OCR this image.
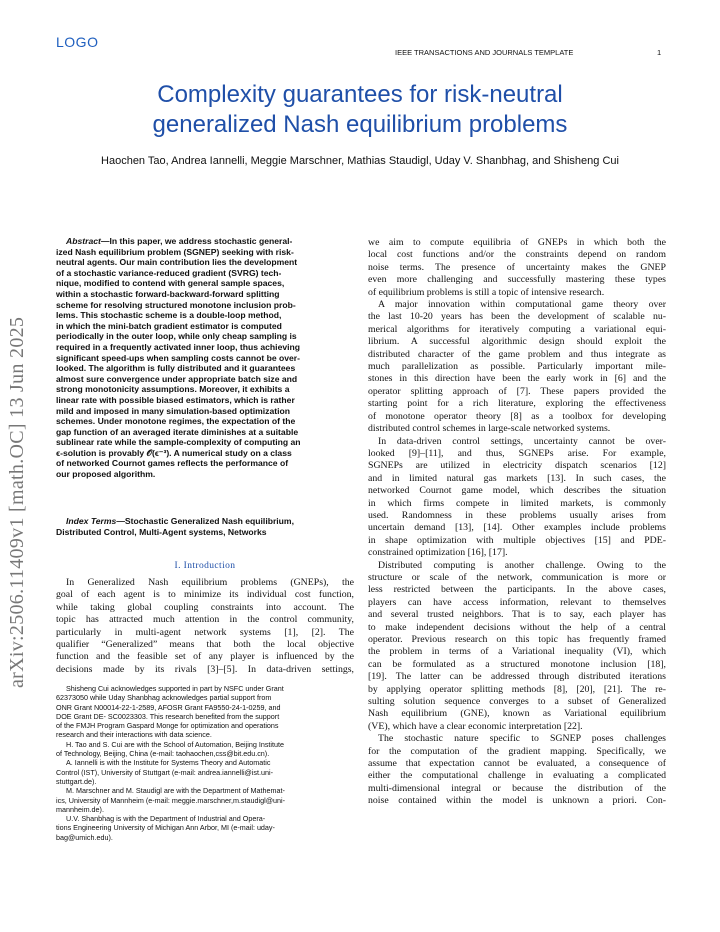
LOGO
IEEE TRANSACTIONS AND JOURNALS TEMPLATE	1
Complexity guarantees for risk-neutral
generalized Nash equilibrium problems
Haochen Tao, Andrea Iannelli, Meggie Marschner, Mathias Staudigl, Uday V. Shanbhag, and Shisheng Cui
arXiv:2506.11409v1 [math.OC] 13 Jun 2025
Abstract—In this paper, we address stochastic general-
ized Nash equilibrium problem (SGNEP) seeking with risk-
neutral agents. Our main contribution lies the development
of a stochastic variance-reduced gradient (SVRG) tech-
nique, modified to contend with general sample spaces,
within a stochastic forward-backward-forward splitting
scheme for resolving structured monotone inclusion prob-
lems. This stochastic scheme is a double-loop method,
in which the mini-batch gradient estimator is computed
periodically in the outer loop, while only cheap sampling is
required in a frequently activated inner loop, thus achieving
significant speed-ups when sampling costs cannot be over-
looked. The algorithm is fully distributed and it guarantees
almost sure convergence under appropriate batch size and
strong monotonicity assumptions. Moreover, it exhibits a
linear rate with possible biased estimators, which is rather
mild and imposed in many simulation-based optimization
schemes. Under monotone regimes, the expectation of the
gap function of an averaged iterate diminishes at a suitable
sublinear rate while the sample-complexity of computing an
ϵ-solution is provably 𝒪(ϵ⁻³). A numerical study on a class
of networked Cournot games reflects the performance of
our proposed algorithm.
Index Terms—Stochastic Generalized Nash equilibrium,
Distributed Control, Multi-Agent systems, Networks
I. Introduction
In Generalized Nash equilibrium problems (GNEPs), the
goal of each agent is to minimize its individual cost function,
while taking global coupling constraints into account. The
topic has attracted much attention in the control community,
particularly in multi-agent network systems [1], [2]. The
qualifier “Generalized” means that both the local objective
function and the feasible set of any player is influenced by the
decisions made by its rivals [3]–[5]. In data-driven settings,
Shisheng Cui acknowledges supported in part by NSFC under Grant
62373050 while Uday Shanbhag acknowledges partial support from
ONR Grant N00014-22-1-2589, AFOSR Grant FA9550-24-1-0259, and
DOE Grant DE- SC0023303. This research benefited from the support
of the FMJH Program Gaspard Monge for optimization and operations
research and their interactions with data science.
H. Tao and S. Cui are with the School of Automation, Beijing Institute
of Technology, Beijing, China (e-mail: taohaochen,css@bit.edu.cn).
A. Iannelli is with the Institute for Systems Theory and Automatic
Control (IST), University of Stuttgart (e-mail: andrea.iannelli@ist.uni-
stuttgart.de).
M. Marschner and M. Staudigl are with the Department of Mathemat-
ics, University of Mannheim (e-mail: meggie.marschner,m.staudigl@uni-
mannheim.de).
U.V. Shanbhag is with the Department of Industrial and Opera-
tions Engineering University of Michigan Ann Arbor, MI (e-mail: uday-
bag@umich.edu).
we aim to compute equilibria of GNEPs in which both the
local cost functions and/or the constraints depend on random
noise terms. The presence of uncertainty makes the GNEP
even more challenging and successfully mastering these types
of equilibrium problems is still a topic of intensive research.
A major innovation within computational game theory over
the last 10-20 years has been the development of scalable nu-
merical algorithms for iteratively computing a variational equi-
librium. A successful algorithmic design should exploit the
distributed character of the game problem and thus integrate as
much parallelization as possible. Particularly important mile-
stones in this direction have been the early work in [6] and the
operator splitting approach of [7]. These papers provided the
starting point for a rich literature, exploring the effectiveness
of monotone operator theory [8] as a toolbox for developing
distributed control schemes in large-scale networked systems.
In data-driven control settings, uncertainty cannot be over-
looked [9]–[11], and thus, SGNEPs arise. For example,
SGNEPs are utilized in electricity dispatch scenarios [12]
and in limited natural gas markets [13]. In such cases, the
networked Cournot game model, which describes the situation
in which firms compete in limited markets, is commonly
used. Randomness in these problems usually arises from
uncertain demand [13], [14]. Other examples include problems
in shape optimization with multiple objectives [15] and PDE-
constrained optimization [16], [17].
Distributed computing is another challenge. Owing to the
structure or scale of the network, communication is more or
less restricted between the participants. In the above cases,
players can have access information, relevant to themselves
and several trusted neighbors. That is to say, each player has
to make independent decisions without the help of a central
operator. Previous research on this topic has frequently framed
the problem in terms of a Variational inequality (VI), which
can be formulated as a structured monotone inclusion [18],
[19]. The latter can be addressed through distributed iterations
by applying operator splitting methods [8], [20], [21]. The re-
sulting solution sequence converges to a subset of Generalized
Nash equilibrium (GNE), known as Variational equilibrium
(VE), which have a clear economic interpretation [22].
The stochastic nature specific to SGNEP poses challenges
for the computation of the gradient mapping. Specifically, we
assume that expectation cannot be evaluated, a consequence of
either the computational challenge in evaluating a complicated
multi-dimensional integral or because the distribution of the
noise contained within the model is unknown a priori. Con-
